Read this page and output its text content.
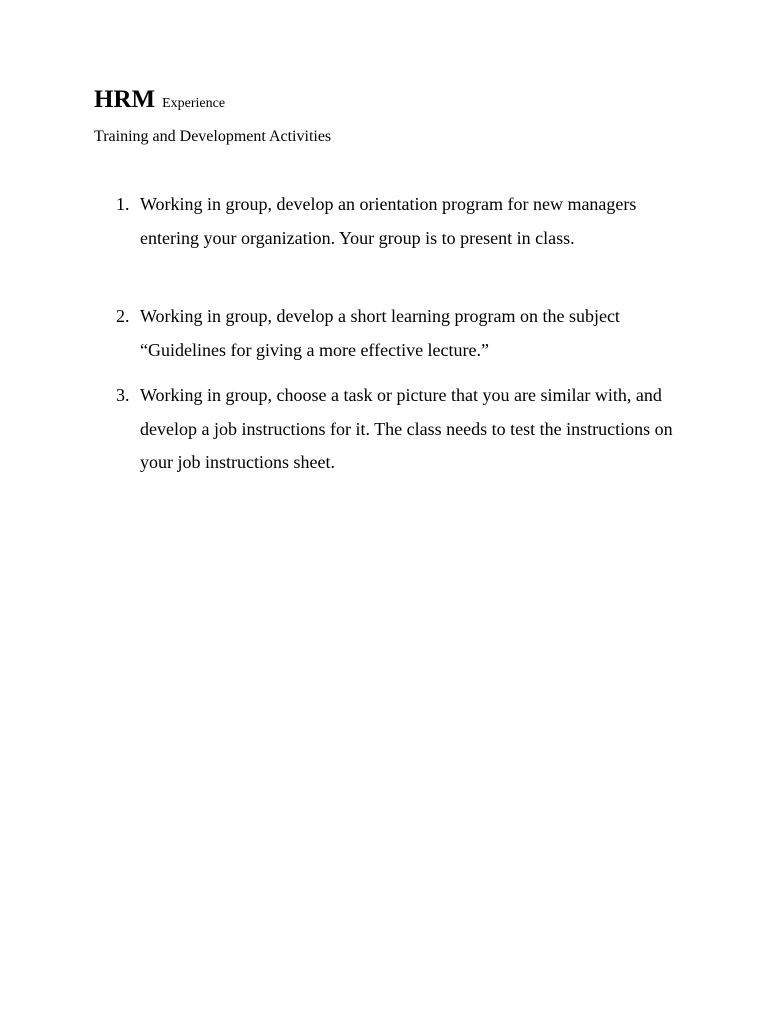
HRM Experience
Training and Development Activities
1. Working in group, develop an orientation program for new managers entering your organization. Your group is to present in class.
2. Working in group, develop a short learning program on the subject “Guidelines for giving a more effective lecture.”
3. Working in group, choose a task or picture that you are similar with, and develop a job instructions for it. The class needs to test the instructions on your job instructions sheet.
